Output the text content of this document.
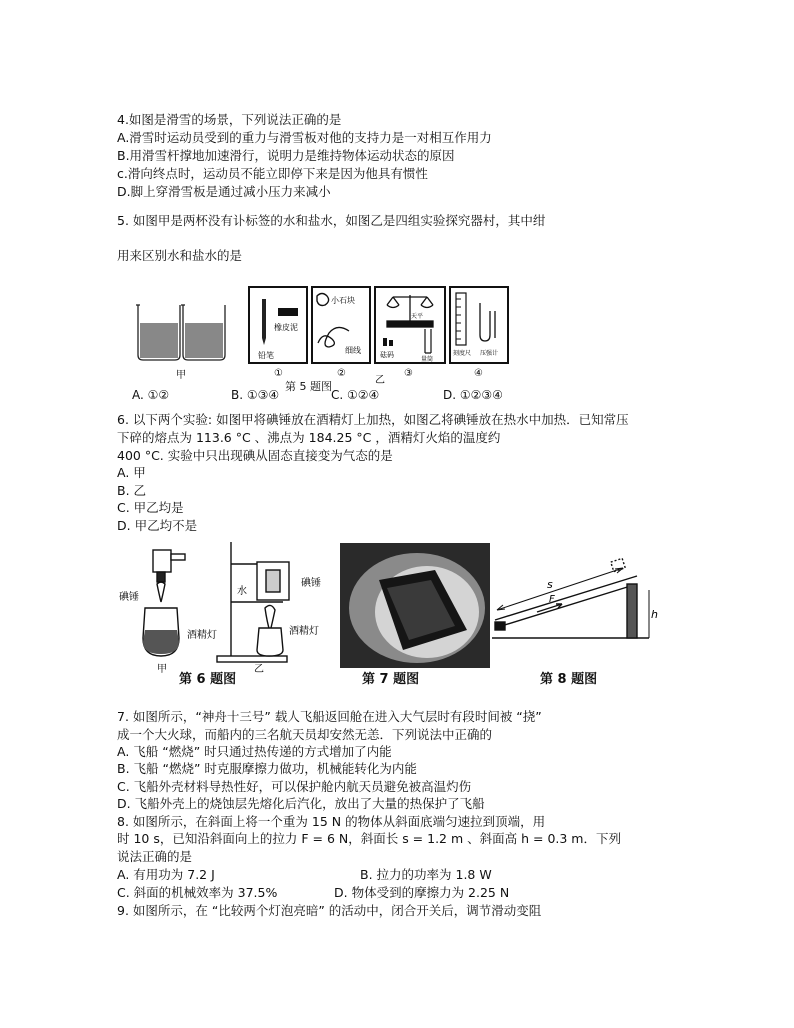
4.如图是滑雪的场景，下列说法正确的是
A.滑雪时运动员受到的重力与滑雪板对他的支持力是一对相互作用力
B.用滑雪杆撑地加速滑行，说明力是维持物体运动状态的原因
c.滑向终点时，运动员不能立即停下来是因为他具有惯性
D.脚上穿滑雪板是通过减小压力来减小
5. 如图甲是两杯没有讣标签的水和盐水，如图乙是四组实验探究器村，其中绀
用来区别水和盐水的是
甲
橡皮泥
铅笔
①
小石块
细线
②
天平
砝码
量筒
③
刻度尺 压强计
④
乙
A. ①②	B. ①③④
第 5 题图
C. ①②④	D. ①②③④
6. 以下两个实验: 如图甲将碘锤放在酒精灯上加热，如图乙将碘锤放在热水中加热．已知常压
下碎的熔点为 113.6 °C 、沸点为 184.25 °C ，酒精灯火焰的温度约
400 °C. 实验中只出现碘从固态直接变为气态的是
A. 甲
B. 乙
C. 甲乙均是
D. 甲乙均不是
碘锤
酒精灯
甲
水
碘锤
酒精灯
乙
s
F
h
第 6 题图	第 7 题图	第 8 题图
7. 如图所示，“神舟十三号” 载人飞船返回舱在进入大气层时有段时间被 “挠”
成一个大火球，而船内的三名航天员却安然无恙．下列说法中正确的
A. 飞船 “燃烧” 时只通过热传递的方式增加了内能
B. 飞船 “燃烧” 时克服摩擦力做功，机械能转化为内能
C. 飞船外壳材料导热性好，可以保护舱内航天员避免被高温灼伤
D. 飞船外壳上的烧蚀层先熔化后汽化，放出了大量的热保护了飞船
8. 如图所示，在斜面上将一个重为 15 N 的物体从斜面底端匀速拉到顶端，用
时 10 s，已知沿斜面向上的拉力 F = 6 N，斜面长 s = 1.2 m 、斜面高 h = 0.3 m．下列
说法正确的是
A. 有用功为 7.2 J	B. 拉力的功率为 1.8 W
C. 斜面的机械效率为 37.5%	D. 物体受到的摩擦力为 2.25 N
9. 如图所示，在 “比较两个灯泡亮暗” 的活动中，闭合开关后，调节滑动变阻
